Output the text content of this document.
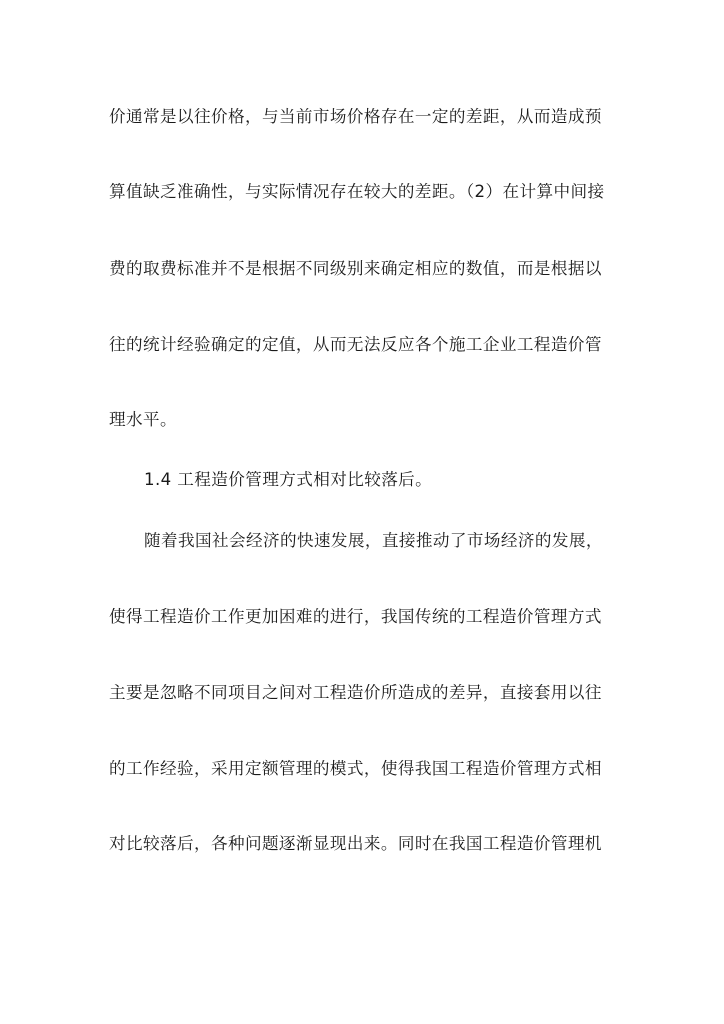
价通常是以往价格，与当前市场价格存在一定的差距，从而造成预
算值缺乏准确性，与实际情况存在较大的差距。（2）在计算中间接
费的取费标准并不是根据不同级别来确定相应的数值，而是根据以
往的统计经验确定的定值，从而无法反应各个施工企业工程造价管
理水平。
1.4 工程造价管理方式相对比较落后。
随着我国社会经济的快速发展，直接推动了市场经济的发展，
使得工程造价工作更加困难的进行，我国传统的工程造价管理方式
主要是忽略不同项目之间对工程造价所造成的差异，直接套用以往
的工作经验，采用定额管理的模式，使得我国工程造价管理方式相
对比较落后，各种问题逐渐显现出来。同时在我国工程造价管理机
